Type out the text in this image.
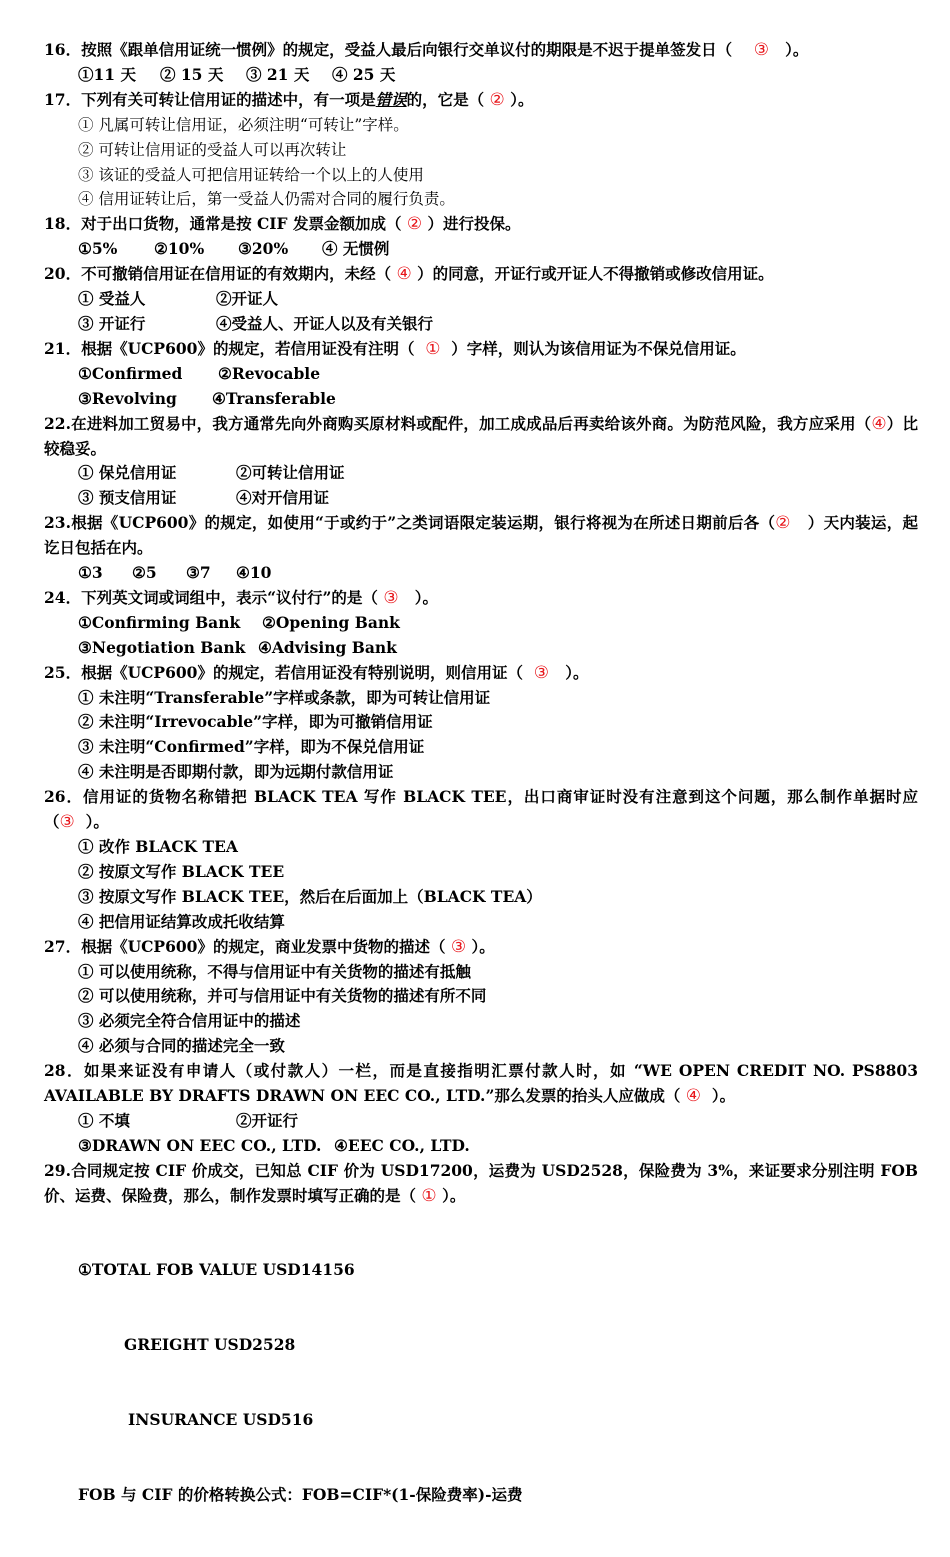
16．按照《跟单信用证统一惯例》的规定，受益人最后向银行交单议付的期限是不迟于提单签发日（ ③ ）。

①11 天 ② 15 天 ③ 21 天 ④ 25 天

17．下列有关可转让信用证的描述中，有一项是错误的，它是（ ② ）。

① 凡属可转让信用证，必须注明“可转让”字样。
② 可转让信用证的受益人可以再次转让
③ 该证的受益人可把信用证转给一个以上的人使用
④ 信用证转让后，第一受益人仍需对合同的履行负责。

18．对于出口货物，通常是按 CIF 发票金额加成（ ② ）进行投保。

①5% ②10% ③20% ④ 无惯例

20．不可撤销信用证在信用证的有效期内，未经（ ④ ）的同意，开证行或开证人不得撤销或修改信用证。

① 受益人	②开证人
③ 开证行	④受益人、开证人以及有关银行

21．根据《UCP600》的规定，若信用证没有注明（ ① ）字样，则认为该信用证为不保兑信用证。

①Confirmed ②Revocable
③Revolving ④Transferable

22.在进料加工贸易中，我方通常先向外商购买原材料或配件，加工成成品后再卖给该外商。为防范风险，我方应采用（④）比较稳妥。

① 保兑信用证	②可转让信用证
③ 预支信用证	④对开信用证

23.根据《UCP600》的规定，如使用“于或约于”之类词语限定装运期，银行将视为在所述日期前后各（② ）天内装运，起讫日包括在内。

①3 ②5 ③7 ④10

24．下列英文词或词组中，表示“议付行”的是（ ③ ）。

①Confirming Bank ②Opening Bank
③Negotiation Bank ④Advising Bank

25．根据《UCP600》的规定，若信用证没有特别说明，则信用证（ ③ ）。

① 未注明“Transferable”字样或条款，即为可转让信用证
② 未注明“Irrevocable”字样，即为可撤销信用证
③ 未注明“Confirmed”字样，即为不保兑信用证
④ 未注明是否即期付款，即为远期付款信用证

26．信用证的货物名称错把 BLACK TEA 写作 BLACK TEE，出口商审证时没有注意到这个问题，那么制作单据时应（③ ）。

① 改作 BLACK TEA
② 按原文写作 BLACK TEE
③ 按原文写作 BLACK TEE，然后在后面加上（BLACK TEA）
④ 把信用证结算改成托收结算

27．根据《UCP600》的规定，商业发票中货物的描述（ ③ ）。

① 可以使用统称，不得与信用证中有关货物的描述有抵触
② 可以使用统称，并可与信用证中有关货物的描述有所不同
③ 必须完全符合信用证中的描述
④ 必须与合同的描述完全一致

28．如果来证没有申请人（或付款人）一栏，而是直接指明汇票付款人时，如 “WE OPEN CREDIT NO. PS8803 AVAILABLE BY DRAFTS DRAWN ON EEC CO., LTD.”那么发票的抬头人应做成（ ④ ）。

① 不填	②开证行
③DRAWN ON EEC CO., LTD. ④EEC CO., LTD.

29.合同规定按 CIF 价成交，已知总 CIF 价为 USD17200，运费为 USD2528，保险费为 3%，来证要求分别注明 FOB 价、运费、保险费，那么，制作发票时填写正确的是（ ① ）。

①TOTAL FOB VALUE USD14156

GREIGHT USD2528

INSURANCE USD516

FOB 与 CIF 的价格转换公式：FOB=CIF*(1-保险费率)-运费
